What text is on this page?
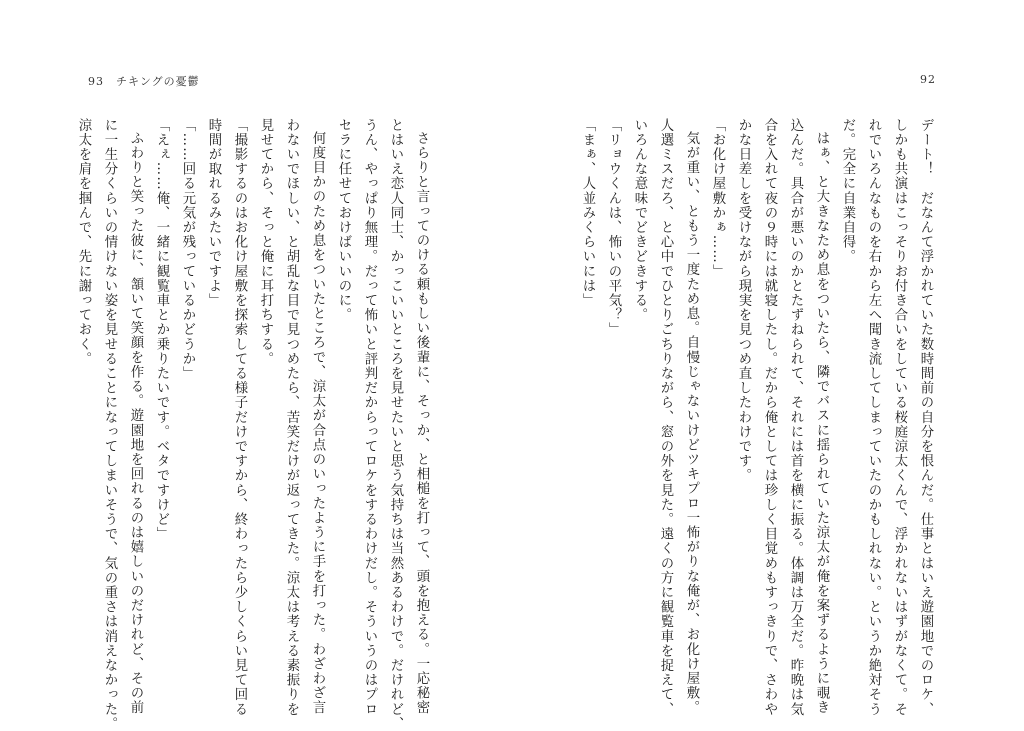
93 チキングの憂鬱	92
デート！　だなんて浮かれていた数時間前の自分を恨んだ。仕事とはいえ遊園地でのロケ、
しかも共演はこっそりお付き合いをしている桜庭涼太くんで、浮かれないはずがなくて。そ
れでいろんなものを右から左へ聞き流してしまっていたのかもしれない。というか絶対そう
だ。完全に自業自得。
はぁ、と大きなため息をついたら、隣でバスに揺られていた涼太が俺を案ずるように覗き
込んだ。具合が悪いのかとたずねられて、それには首を横に振る。体調は万全だ。昨晩は気
合を入れて夜の９時には就寝したし。だから俺としては珍しく目覚めもすっきりで、さわや
かな日差しを受けながら現実を見つめ直したわけです。
「お化け屋敷かぁ……」
気が重い、ともう一度ため息。自慢じゃないけどツキプロ一怖がりな俺が、お化け屋敷。
人選ミスだろ、と心中でひとりごちりながら、窓の外を見た。遠くの方に観覧車を捉えて、
いろんな意味でどきどきする。
「リョウくんは、怖いの平気？」
「まぁ、人並みくらいには」
さらりと言ってのける頼もしい後輩に、そっか、と相槌を打って、頭を抱える。一応秘密
とはいえ恋人同士、かっこいいところを見せたいと思う気持ちは当然あるわけで。だけれど、
うん、やっぱり無理。だって怖いと評判だからってロケをするわけだし。そういうのはプロ
セラに任せておけばいいのに。
何度目かのため息をついたところで、涼太が合点のいったように手を打った。わざわざ言
わないでほしい、と胡乱な目で見つめたら、苦笑だけが返ってきた。涼太は考える素振りを
見せてから、そっと俺に耳打ちする。
「撮影するのはお化け屋敷を探索してる様子だけですから、終わったら少しくらい見て回る
時間が取れるみたいですよ」
「……回る元気が残っているかどうか」
「えぇ……俺、一緒に観覧車とか乗りたいです。ベタですけど」
ふわりと笑った彼に、頷いて笑顔を作る。遊園地を回れるのは嬉しいのだけれど、その前
に一生分くらいの情けない姿を見せることになってしまいそうで、気の重さは消えなかった。
涼太を肩を掴んで、先に謝っておく。
